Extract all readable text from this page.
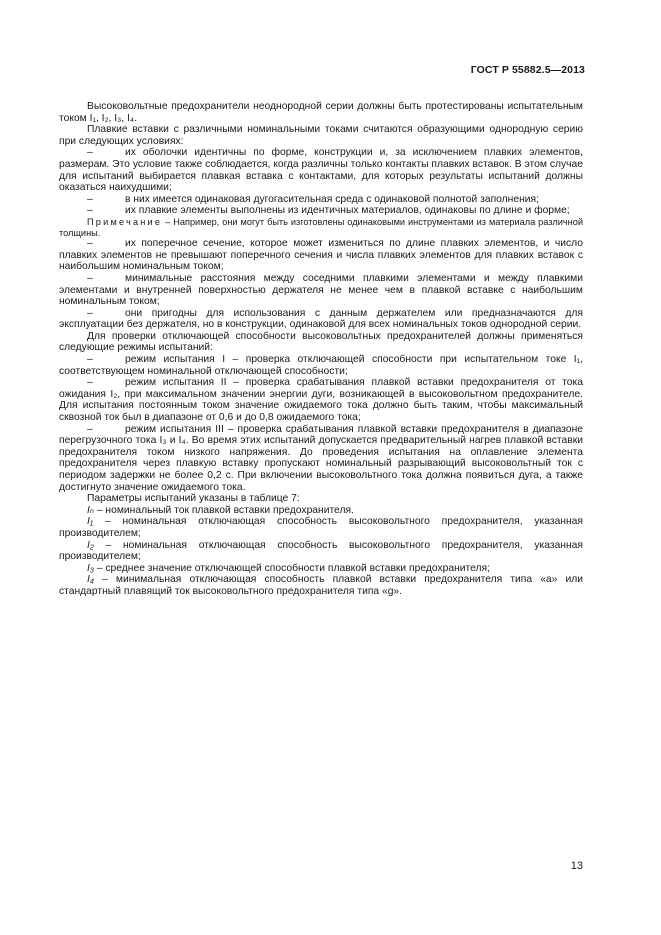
ГОСТ Р 55882.5—2013

Высоковольтные предохранители неоднородной серии должны быть протестированы испытательным током I₁, I₂, I₃, I₄.

Плавкие вставки с различными номинальными токами считаются образующими однородную серию при следующих условиях:

–	их оболочки идентичны по форме, конструкции и, за исключением плавких элементов, размерам. Это условие также соблюдается, когда различны только контакты плавких вставок. В этом случае для испытаний выбирается плавкая вставка с контактами, для которых результаты испытаний должны оказаться наихудшими;

–	в них имеется одинаковая дугогасительная среда с одинаковой полнотой заполнения;

–	их плавкие элементы выполнены из идентичных материалов, одинаковы по длине и форме;

Примечание – Например, они могут быть изготовлены одинаковыми инструментами из материала различной толщины.

–	их поперечное сечение, которое может измениться по длине плавких элементов, и число плавких элементов не превышают поперечного сечения и числа плавких элементов для плавких вставок с наибольшим номинальным током;

–	минимальные расстояния между соседними плавкими элементами и между плавкими элементами и внутренней поверхностью держателя не менее чем в плавкой вставке с наибольшим номинальным током;

–	они пригодны для использования с данным держателем или предназначаются для эксплуатации без держателя, но в конструкции, одинаковой для всех номинальных токов однородной серии.

Для проверки отключающей способности высоковольтных предохранителей должны применяться следующие режимы испытаний:

–	режим испытания I – проверка отключающей способности при испытательном токе I₁, соответствующем номинальной отключающей способности;

–	режим испытания II – проверка срабатывания плавкой вставки предохранителя от тока ожидания I₂, при максимальном значении энергии дуги, возникающей в высоковольтном предохранителе. Для испытания постоянным током значение ожидаемого тока должно быть таким, чтобы максимальный сквозной ток был в диапазоне от 0,6 и до 0,8 ожидаемого тока;

–	режим испытания III – проверка срабатывания плавкой вставки предохранителя в диапазоне перегрузочного тока I₃ и I₄. Во время этих испытаний допускается предварительный нагрев плавкой вставки предохранителя током низкого напряжения. До проведения испытания на оплавление элемента предохранителя через плавкую вставку пропускают номинальный разрывающий высоковольтный ток с периодом задержки не более 0,2 с. При включении высоковольтного тока должна появиться дуга, а также достигнуто значение ожидаемого тока.

Параметры испытаний указаны в таблице 7:

Iₙ – номинальный ток плавкой вставки предохранителя.

I₁ – номинальная отключающая способность высоковольтного предохранителя, указанная производителем;

I₂ – номинальная отключающая способность высоковольтного предохранителя, указанная производителем;

I₃ – среднее значение отключающей способности плавкой вставки предохранителя;

I₄ – минимальная отключающая способность плавкой вставки предохранителя типа «a» или стандартный плавящий ток высоковольтного предохранителя типа «g».

13
